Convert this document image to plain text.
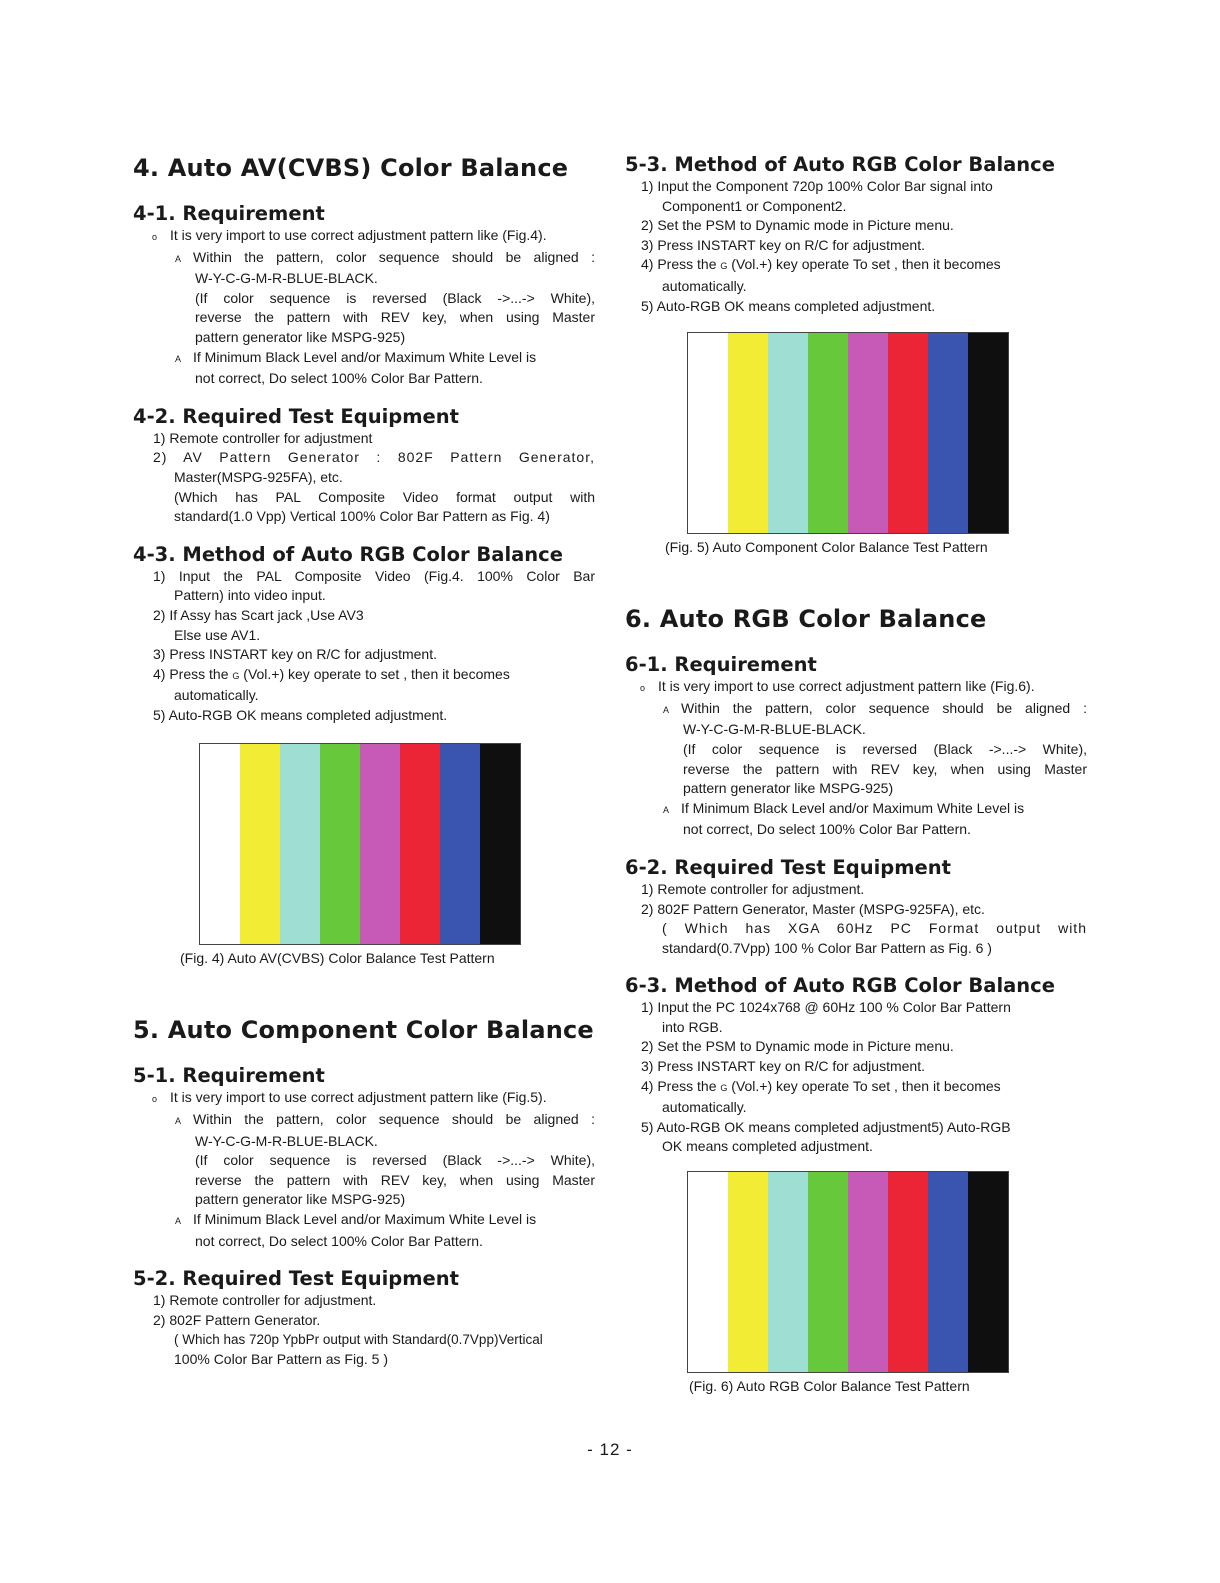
4. Auto AV(CVBS) Color Balance
4-1. Requirement
o It is very import to use correct adjustment pattern like (Fig.4).
A Within the pattern, color sequence should be aligned :
W-Y-C-G-M-R-BLUE-BLACK.
(If color sequence is reversed (Black ->...-> White),
reverse the pattern with REV key, when using Master
pattern generator like MSPG-925)
A If Minimum Black Level and/or Maximum White Level is
not correct, Do select 100% Color Bar Pattern.
4-2. Required Test Equipment
1) Remote controller for adjustment
2) AV Pattern Generator : 802F Pattern Generator,
Master(MSPG-925FA), etc.
(Which has PAL Composite Video format output with
standard(1.0 Vpp) Vertical 100% Color Bar Pattern as Fig. 4)
4-3. Method of Auto RGB Color Balance
1) Input the PAL Composite Video (Fig.4. 100% Color Bar
Pattern) into video input.
2) If Assy has Scart jack ,Use AV3
Else use AV1.
3) Press INSTART key on R/C for adjustment.
4) Press the G (Vol.+) key operate to set , then it becomes
automatically.
5) Auto-RGB OK means completed adjustment.
(Fig. 4) Auto AV(CVBS) Color Balance Test Pattern
5. Auto Component Color Balance
5-1. Requirement
o It is very import to use correct adjustment pattern like (Fig.5).
A Within the pattern, color sequence should be aligned :
W-Y-C-G-M-R-BLUE-BLACK.
(If color sequence is reversed (Black ->...-> White),
reverse the pattern with REV key, when using Master
pattern generator like MSPG-925)
A If Minimum Black Level and/or Maximum White Level is
not correct, Do select 100% Color Bar Pattern.
5-2. Required Test Equipment
1) Remote controller for adjustment.
2) 802F Pattern Generator.
( Which has 720p YpbPr output with Standard(0.7Vpp)Vertical
100% Color Bar Pattern as Fig. 5 )
5-3. Method of Auto RGB Color Balance
1) Input the Component 720p 100% Color Bar signal into
Component1 or Component2.
2) Set the PSM to Dynamic mode in Picture menu.
3) Press INSTART key on R/C for adjustment.
4) Press the G (Vol.+) key operate To set , then it becomes
automatically.
5) Auto-RGB OK means completed adjustment.
(Fig. 5) Auto Component Color Balance Test Pattern
6. Auto RGB Color Balance
6-1. Requirement
o It is very import to use correct adjustment pattern like (Fig.6).
A Within the pattern, color sequence should be aligned :
W-Y-C-G-M-R-BLUE-BLACK.
(If color sequence is reversed (Black ->...-> White),
reverse the pattern with REV key, when using Master
pattern generator like MSPG-925)
A If Minimum Black Level and/or Maximum White Level is
not correct, Do select 100% Color Bar Pattern.
6-2. Required Test Equipment
1) Remote controller for adjustment.
2) 802F Pattern Generator, Master (MSPG-925FA), etc.
( Which has XGA 60Hz PC Format output with
standard(0.7Vpp) 100 % Color Bar Pattern as Fig. 6 )
6-3. Method of Auto RGB Color Balance
1) Input the PC 1024x768 @ 60Hz 100 % Color Bar Pattern
into RGB.
2) Set the PSM to Dynamic mode in Picture menu.
3) Press INSTART key on R/C for adjustment.
4) Press the G (Vol.+) key operate To set , then it becomes
automatically.
5) Auto-RGB OK means completed adjustment5) Auto-RGB
OK means completed adjustment.
(Fig. 6) Auto RGB Color Balance Test Pattern
- 12 -
